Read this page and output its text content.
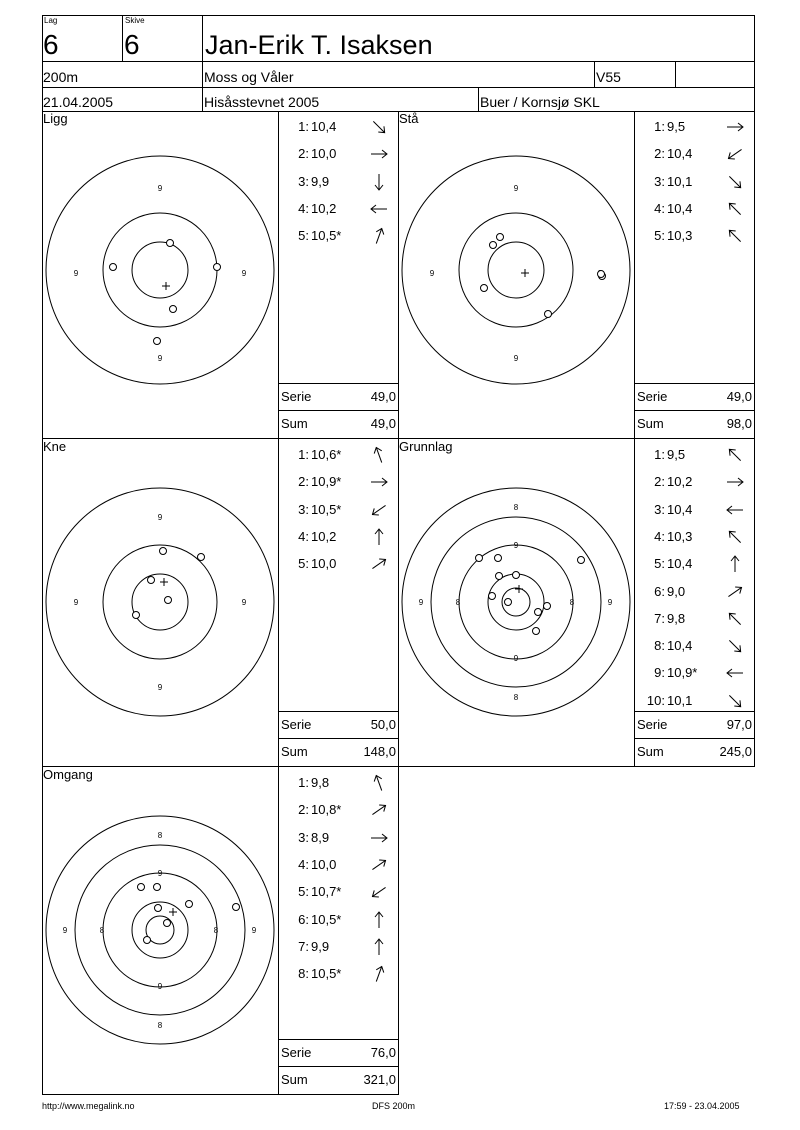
Lag
6
Skive
6 Jan-Erik T. Isaksen
200m	Moss og Våler	V55
21.04.2005	Hisåsstevnet 2005	Buer / Kornsjø SKL
Ligg
9
9	9
9
1: 10,4
2: 10,0
3: 9,9
4: 10,2
5: 10,5*
Serie	49,0
Sum	49,0
Stå
9
9
9
1: 9,5
2: 10,4
3: 10,1
4: 10,4
5: 10,3
Serie	49,0
Sum	98,0
Kne
9
9	9
9
1: 10,6*
2: 10,9*
3: 10,5*
4: 10,2
5: 10,0
Serie	50,0
Sum	148,0
Grunnlag
8
9
9	8	8	9
9
8
1: 9,5
2: 10,2
3: 10,4
4: 10,3
5: 10,4
6: 9,0
7: 9,8
8: 10,4
9: 10,9*
10: 10,1
Serie	97,0
Sum	245,0
Omgang
8
9
9	8	8	9
9
8
1: 9,8
2: 10,8*
3: 8,9
4: 10,0
5: 10,7*
6: 10,5*
7: 9,9
8: 10,5*
Serie	76,0
Sum	321,0
http://www.megalink.no	DFS 200m	17:59 - 23.04.2005
